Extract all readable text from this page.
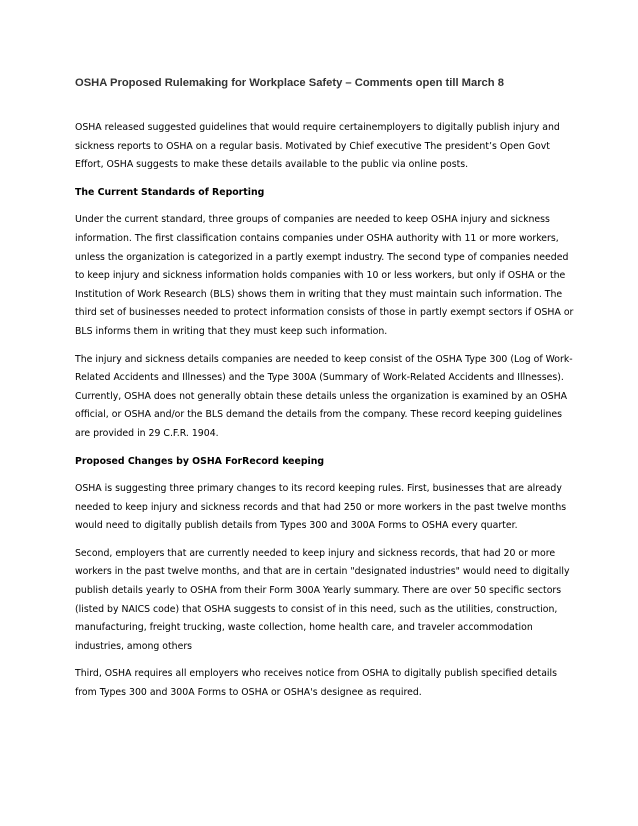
OSHA Proposed Rulemaking for Workplace Safety – Comments open till March 8

OSHA released suggested guidelines that would require certainemployers to digitally publish injury and sickness reports to OSHA on a regular basis. Motivated by Chief executive The president’s Open Govt Effort, OSHA suggests to make these details available to the public via online posts.

The Current Standards of Reporting

Under the current standard, three groups of companies are needed to keep OSHA injury and sickness information. The first classification contains companies under OSHA authority with 11 or more workers, unless the organization is categorized in a partly exempt industry. The second type of companies needed to keep injury and sickness information holds companies with 10 or less workers, but only if OSHA or the Institution of Work Research (BLS) shows them in writing that they must maintain such information. The third set of businesses needed to protect information consists of those in partly exempt sectors if OSHA or BLS informs them in writing that they must keep such information.

The injury and sickness details companies are needed to keep consist of the OSHA Type 300 (Log of Work-Related Accidents and Illnesses) and the Type 300A (Summary of Work-Related Accidents and Illnesses). Currently, OSHA does not generally obtain these details unless the organization is examined by an OSHA official, or OSHA and/or the BLS demand the details from the company. These record keeping guidelines are provided in 29 C.F.R. 1904.

Proposed Changes by OSHA ForRecord keeping

OSHA is suggesting three primary changes to its record keeping rules. First, businesses that are already needed to keep injury and sickness records and that had 250 or more workers in the past twelve months would need to digitally publish details from Types 300 and 300A Forms to OSHA every quarter.

Second, employers that are currently needed to keep injury and sickness records, that had 20 or more workers in the past twelve months, and that are in certain "designated industries" would need to digitally publish details yearly to OSHA from their Form 300A Yearly summary. There are over 50 specific sectors (listed by NAICS code) that OSHA suggests to consist of in this need, such as the utilities, construction, manufacturing, freight trucking, waste collection, home health care, and traveler accommodation industries, among others

Third, OSHA requires all employers who receives notice from OSHA to digitally publish specified details from Types 300 and 300A Forms to OSHA or OSHA's designee as required.
